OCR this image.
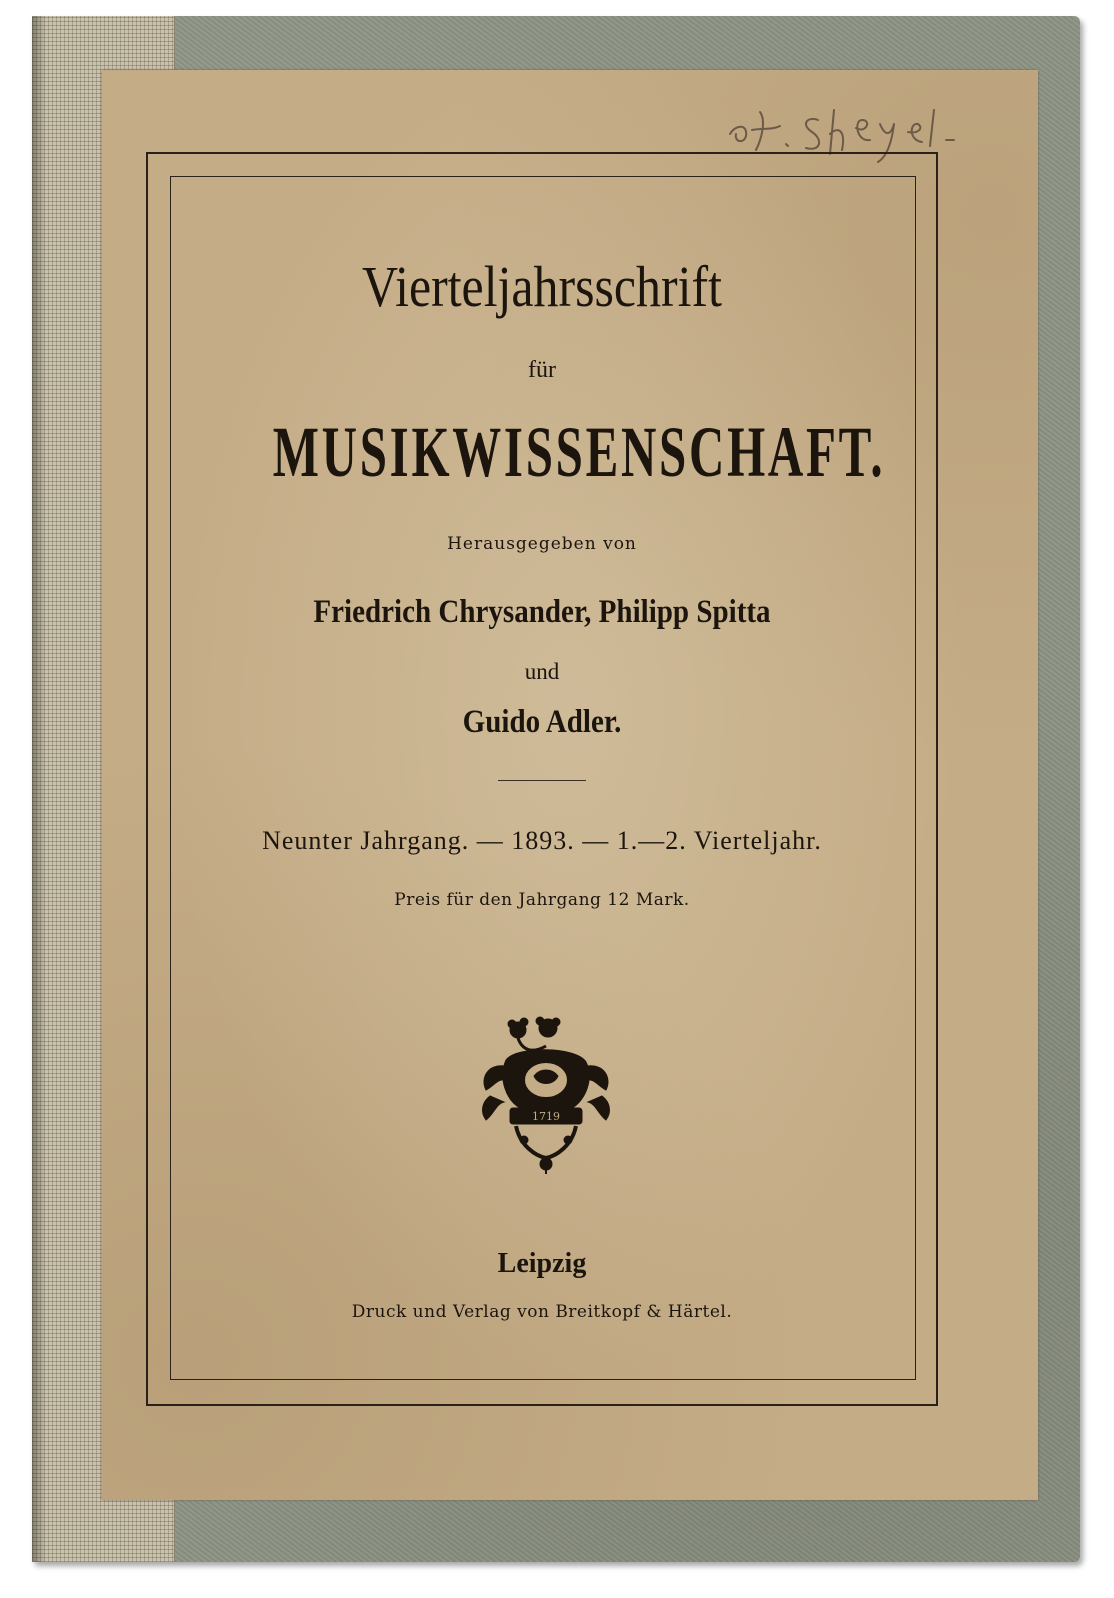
Vierteljahrsschrift
für
MUSIKWISSENSCHAFT.
Herausgegeben von
Friedrich Chrysander, Philipp Spitta
und
Guido Adler.
Neunter Jahrgang. — 1893. — 1.—2. Vierteljahr.
Preis für den Jahrgang 12 Mark.
1719
Leipzig
Druck und Verlag von Breitkopf & Härtel.
